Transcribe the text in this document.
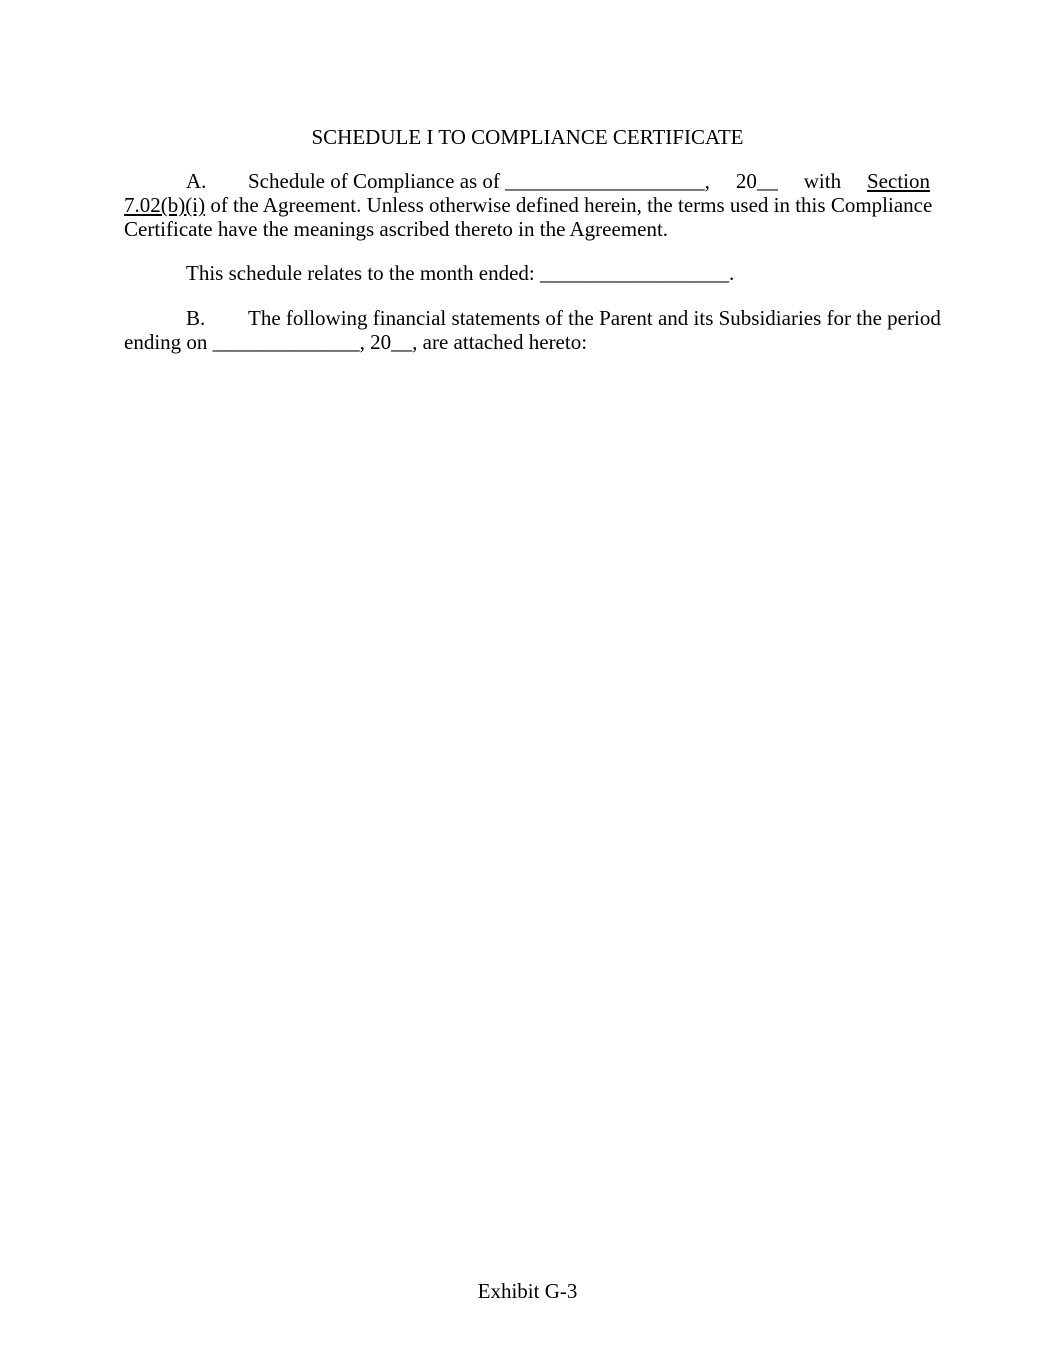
SCHEDULE I TO COMPLIANCE CERTIFICATE
A. Schedule of Compliance as of ___________________, 20__ with Section
7.02(b)(i) of the Agreement. Unless otherwise defined herein, the terms used in this Compliance
Certificate have the meanings ascribed thereto in the Agreement.
This schedule relates to the month ended: __________________.
B. The following financial statements of the Parent and its Subsidiaries for the period
ending on ______________, 20__, are attached hereto:
Exhibit G-3
